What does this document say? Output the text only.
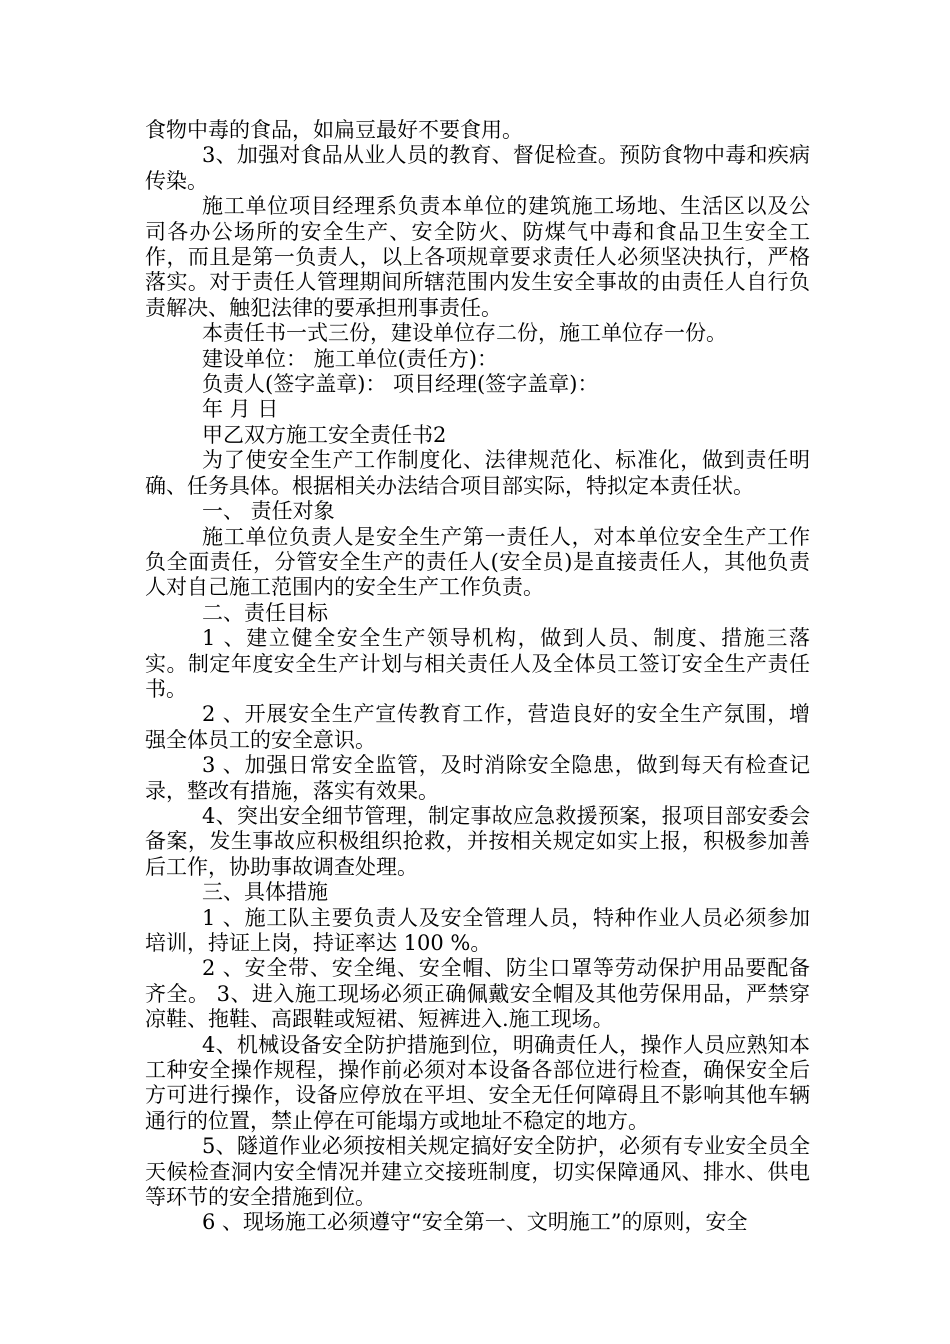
食物中毒的食品，如扁豆最好不要食用。

3、加强对食品从业人员的教育、督促检查。预防食物中毒和疾病传染。

施工单位项目经理系负责本单位的建筑施工场地、生活区以及公司各办公场所的安全生产、安全防火、防煤气中毒和食品卫生安全工作，而且是第一负责人，以上各项规章要求责任人必须坚决执行，严格落实。对于责任人管理期间所辖范围内发生安全事故的由责任人自行负责解决、触犯法律的要承担刑事责任。

本责任书一式三份，建设单位存二份，施工单位存一份。

建设单位： 施工单位(责任方)：

负责人(签字盖章)： 项目经理(签字盖章)：

年 月 日

甲乙双方施工安全责任书2

为了使安全生产工作制度化、法律规范化、标准化，做到责任明确、任务具体。根据相关办法结合项目部实际，特拟定本责任状。

一、 责任对象

施工单位负责人是安全生产第一责任人，对本单位安全生产工作负全面责任，分管安全生产的责任人(安全员)是直接责任人，其他负责人对自己施工范围内的安全生产工作负责。

二、责任目标

1 、建立健全安全生产领导机构，做到人员、制度、措施三落实。制定年度安全生产计划与相关责任人及全体员工签订安全生产责任书。

2 、开展安全生产宣传教育工作，营造良好的安全生产氛围，增强全体员工的安全意识。

3 、加强日常安全监管，及时消除安全隐患，做到每天有检查记录，整改有措施，落实有效果。

4、突出安全细节管理，制定事故应急救援预案，报项目部安委会备案，发生事故应积极组织抢救，并按相关规定如实上报，积极参加善后工作，协助事故调查处理。

三、具体措施

1 、施工队主要负责人及安全管理人员，特种作业人员必须参加培训，持证上岗，持证率达 100 %。

2 、安全带、安全绳、安全帽、防尘口罩等劳动保护用品要配备齐全。 3、进入施工现场必须正确佩戴安全帽及其他劳保用品，严禁穿凉鞋、拖鞋、高跟鞋或短裙、短裤进入.施工现场。

4、机械设备安全防护措施到位，明确责任人，操作人员应熟知本工种安全操作规程，操作前必须对本设备各部位进行检查，确保安全后方可进行操作，设备应停放在平坦、安全无任何障碍且不影响其他车辆通行的位置，禁止停在可能塌方或地址不稳定的地方。

5、隧道作业必须按相关规定搞好安全防护，必须有专业安全员全天候检查洞内安全情况并建立交接班制度，切实保障通风、排水、供电等环节的安全措施到位。

6 、现场施工必须遵守“安全第一、文明施工”的原则，安全
